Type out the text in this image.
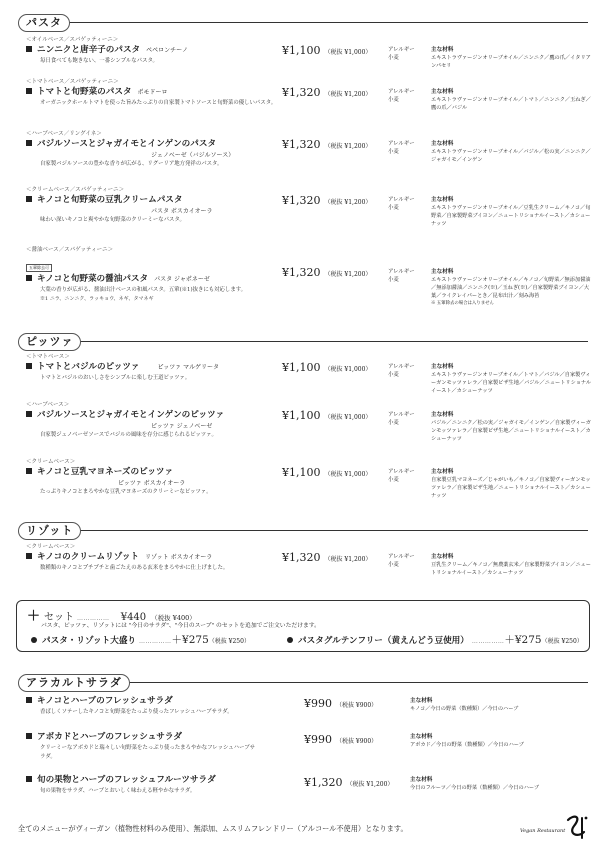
パスタ
＜オイルベース／スパゲッティーニ＞
ニンニクと唐辛子のパスタ ペペロンチーノ
毎日食べても飽きない、一番シンプルなパスタ。
¥1,100 （税抜 ¥1,000）	アレルギー
小麦
主な材料
エキストラヴァージンオリーブオイル／ニンニク／鷹の爪／イタリアンパセリ
＜トマトベース／スパゲッティーニ＞
トマトと旬野菜のパスタ ポモドーロ
オーガニックホールトマトを使った旨みたっぷりの自家製トマトソースと旬野菜の優しいパスタ。
¥1,320 （税抜 ¥1,200）	アレルギー
小麦
主な材料
エキストラヴァージンオリーブオイル／トマト／ニンニク／玉ねぎ／鷹の爪／バジル
＜ハーブベース／リングイネ＞
バジルソースとジャガイモとインゲンのパスタ
ジェノベーゼ（バジルソース）
自家製バジルソースの豊かな香りが広がる、リグーリア地方発祥のパスタ。
¥1,320 （税抜 ¥1,200）	アレルギー
小麦
主な材料
エキストラヴァージンオリーブオイル／バジル／松の実／ニンニク／ジャガイモ／インゲン
＜クリームベース／スパゲッティーニ＞
キノコと旬野菜の豆乳クリームパスタ
パスタ ボスカイオーラ
味わい深いキノコと爽やかな旬野菜のクリーミーなパスタ。
¥1,320 （税抜 ¥1,200）	アレルギー
小麦
主な材料
エキストラヴァージンオリーブオイル／豆乳生クリーム／キノコ／旬野菜／自家製野菜ブイヨン／ニュートリショナルイースト／カシューナッツ
＜醤油ベース／スパゲッティーニ＞
五葷除去可
キノコと旬野菜の醤油パスタ パスタ ジャポネーゼ
大葉の香りが広がる、醤油出汁ベースの和風パスタ。五葷(※1)抜きにも対応します。
※1 ニラ、ニンニク、ラッキョウ、ネギ、タマネギ
¥1,320 （税抜 ¥1,200）	アレルギー
小麦
主な材料
エキストラヴァージンオリーブオイル／キノコ／旬野菜／無添加醤油／無添加醤油／ニンニク(※)／玉ねぎ(※)／自家製野菜ブイヨン／大葉／ライクレイパーとき／昆布出汁／刻み海苔
※ 五葷除去の場合は入りません
ピッツァ
＜トマトベース＞
トマトとバジルのピッツァ	ピッツァ マルゲリータ
トマトとバジルのおいしさをシンプルに楽しむ王道ピッツァ。
¥1,100 （税抜 ¥1,000）	アレルギー
小麦
主な材料
エキストラヴァージンオリーブオイル／トマト／バジル／自家製ヴィーガンモッツァレラ／自家製ピザ生地／バジル／ニュートリショナルイースト／カシューナッツ
＜ハーブベース＞
バジルソースとジャガイモとインゲンのピッツァ
ピッツァ ジェノベーゼ
自家製ジェノベーゼソースでバジルの風味を存分に感じられるピッツァ。
¥1,100 （税抜 ¥1,000）	アレルギー
小麦
主な材料
バジル／ニンニク／松の実／ジャガイモ／インゲン／自家製ヴィーガンモッツァレラ／自家製ピザ生地／ニュートリショナルイースト／カシューナッツ
＜クリームベース＞
キノコと豆乳マヨネーズのピッツァ
ピッツァ ボスカイオーラ
たっぷりキノコとまろやかな豆乳マヨネーズのクリーミーなピッツァ。
¥1,100 （税抜 ¥1,000）	アレルギー
小麦
主な材料
自家製豆乳マヨネーズ／じゃがいも／キノコ／自家製ヴィーガンモッツァレラ／自家製ピザ生地／ニュートリショナルイースト／カシューナッツ
リゾット
＜クリームベース＞
キノコのクリームリゾット リゾット ボスカイオーラ
数種類のキノコとプチプチと歯ごたえのある玄米をまろやかに仕上げました。
¥1,320 （税抜 ¥1,200）	アレルギー
小麦
主な材料
豆乳生クリーム／キノコ／無農薬玄米／自家製野菜ブイヨン／ニュートリショナルイースト／カシューナッツ
＋ セット …………… ¥440 （税抜 ¥400）
パスタ、ピッツァ、リゾットには "今日のサラダ"、"今日のスープ" のセットを追加でご注文いただけます。
パスタ・リゾット大盛り ……………＋¥275（税抜 ¥250）	パスタグルテンフリー（黄えんどう豆使用） ……………＋¥275（税抜 ¥250）
アラカルトサラダ
キノコとハーブのフレッシュサラダ
香ばしくソテーしたキノコと旬野菜をたっぷり使ったフレッシュハーブサラダ。
¥990 （税抜 ¥900）
主な材料
キノコ／今日の野菜（数種類）／今日のハーブ
アボカドとハーブのフレッシュサラダ
クリーミーなアボカドと瑞々しい旬野菜をたっぷり使ったまろやかなフレッシュハーブサラダ。
¥990 （税抜 ¥900）
主な材料
アボカド／今日の野菜（数種類）／今日のハーブ
旬の果物とハーブのフレッシュフルーツサラダ
旬の果物をサラダ、ハーブとおいしく味わえる軽やかなサラダ。
¥1,320 （税抜 ¥1,200）
主な材料
今日のフルーツ／今日の野菜（数種類）／今日のハーブ
全てのメニューがヴィーガン（植物性材料のみ使用）、無添加、ムスリムフレンドリー（アルコール不使用）となります。	Vegan Restaurant
